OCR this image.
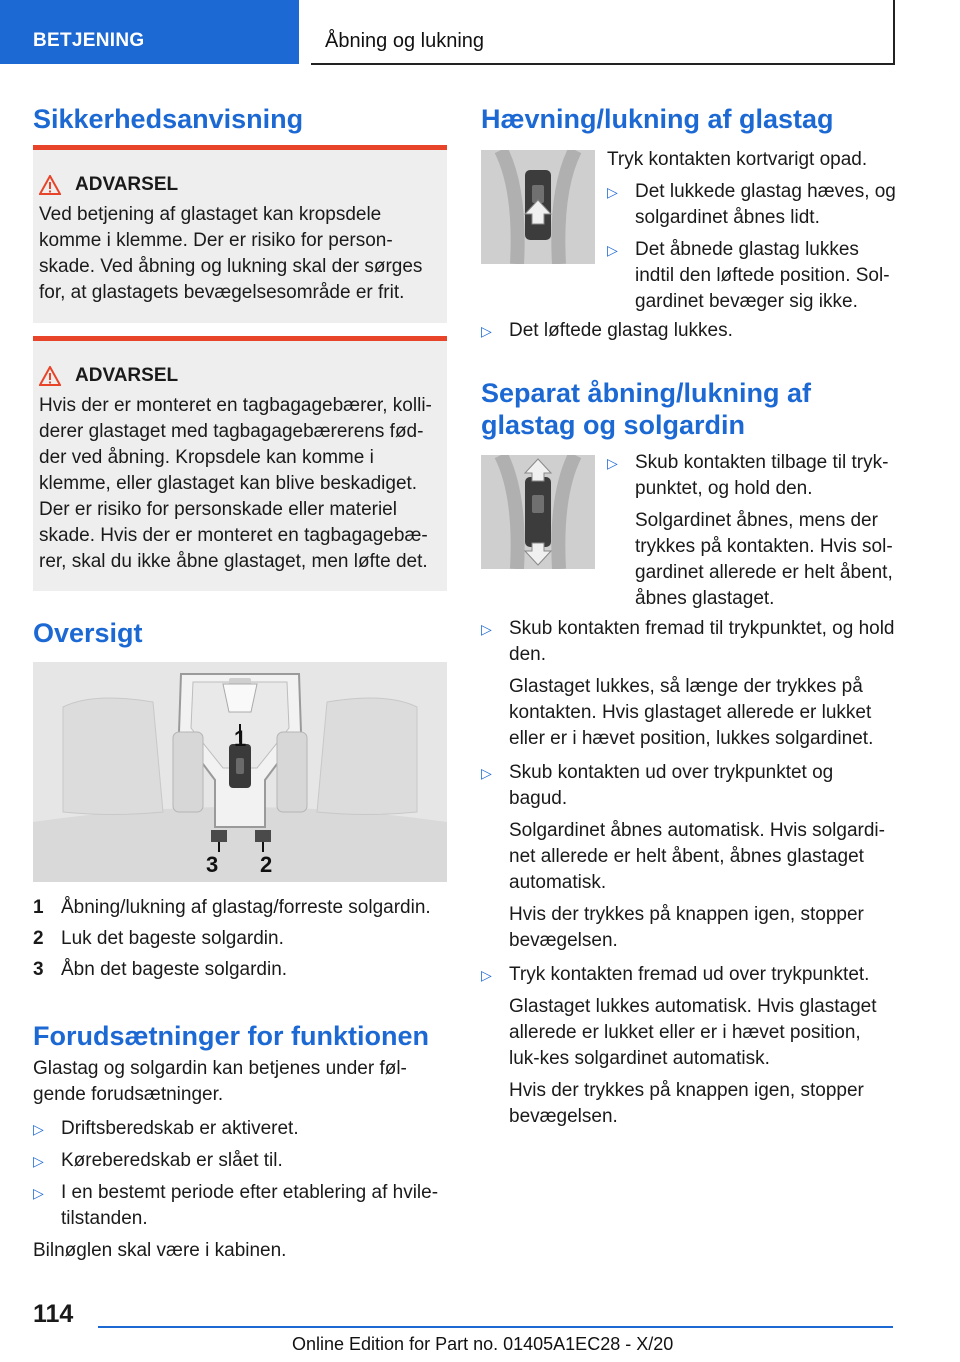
BETJENING	Åbning og lukning
Sikkerhedsanvisning
ADVARSEL

Ved betjening af glastaget kan kropsdele komme i klemme. Der er risiko for person-skade. Ved åbning og lukning skal der sørges for, at glastagets bevægelsesområde er frit.

ADVARSEL

Hvis der er monteret en tagbagagebærer, kolli-derer glastaget med tagbagagebærerens fød-der ved åbning. Kropsdele kan komme i klemme, eller glastaget kan blive beskadiget. Der er risiko for personskade eller materiel skade. Hvis der er monteret en tagbagagebæ-rer, skal du ikke åbne glastaget, men løfte det.

Oversigt
1
3 2
1 Åbning/lukning af glastag/forreste solgardin.
2 Luk det bageste solgardin.
3 Åbn det bageste solgardin.
Forudsætninger for funktionen

Glastag og solgardin kan betjenes under føl-gende forudsætninger.

▷ Driftsberedskab er aktiveret.
▷ Køreberedskab er slået til.
▷ I en bestemt periode efter etablering af hvile-tilstanden.

Bilnøglen skal være i kabinen.

Hævning/lukning af glastag

Tryk kontakten kortvarigt opad.

▷ Det lukkede glastag hæves, og solgardinet åbnes lidt.
▷ Det åbnede glastag lukkes indtil den løftede position. Sol-gardinet bevæger sig ikke.
▷ Det løftede glastag lukkes.
Separat åbning/lukning af glastag og solgardin
▷ Skub kontakten tilbage til tryk-punktet, og hold den.

Solgardinet åbnes, mens der trykkes på kontakten. Hvis sol-gardinet allerede er helt åbent, åbnes glastaget.

▷ Skub kontakten fremad til trykpunktet, og hold den.

Glastaget lukkes, så længe der trykkes på kontakten. Hvis glastaget allerede er lukket eller er i hævet position, lukkes solgardinet.

▷ Skub kontakten ud over trykpunktet og bagud.

Solgardinet åbnes automatisk. Hvis solgardi-net allerede er helt åbent, åbnes glastaget automatisk.

Hvis der trykkes på knappen igen, stopper bevægelsen.

▷ Tryk kontakten fremad ud over trykpunktet.

Glastaget lukkes automatisk. Hvis glastaget allerede er lukket eller er i hævet position, luk-kes solgardinet automatisk.

Hvis der trykkes på knappen igen, stopper bevægelsen.

114
Online Edition for Part no. 01405A1EC28 - X/20
